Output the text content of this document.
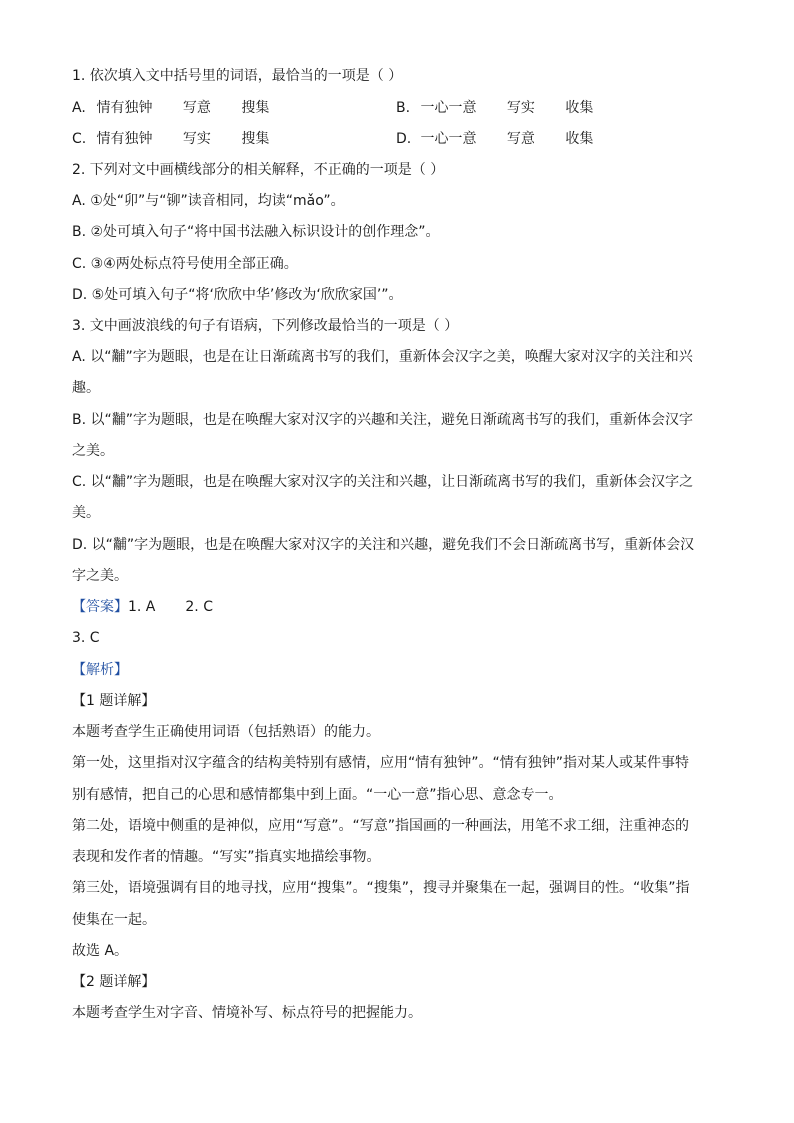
1. 依次填入文中括号里的词语，最恰当的一项是（ ）
A. 情有独钟 写意 搜集	B. 一心一意 写实 收集
C. 情有独钟 写实 搜集	D. 一心一意 写意 收集
2. 下列对文中画横线部分的相关解释，不正确的一项是（ ）
A. ①处“卯”与“铆”读音相同，均读“mǎo”。
B. ②处可填入句子“将中国书法融入标识设计的创作理念”。
C. ③④两处标点符号使用全部正确。
D. ⑤处可填入句子“将‘欣欣中华’修改为‘欣欣家国’”。
3. 文中画波浪线的句子有语病，下列修改最恰当的一项是（ ）
A. 以“黼”字为题眼，也是在让日渐疏离书写的我们，重新体会汉字之美，唤醒大家对汉字的关注和兴
趣。
B. 以“黼”字为题眼，也是在唤醒大家对汉字的兴趣和关注，避免日渐疏离书写的我们，重新体会汉字
之美。
C. 以“黼”字为题眼，也是在唤醒大家对汉字的关注和兴趣，让日渐疏离书写的我们，重新体会汉字之
美。
D. 以“黼”字为题眼，也是在唤醒大家对汉字的关注和兴趣，避免我们不会日渐疏离书写，重新体会汉
字之美。
【答案】1. A 2. C
3. C
【解析】
【1 题详解】
本题考查学生正确使用词语（包括熟语）的能力。
第一处，这里指对汉字蕴含的结构美特别有感情，应用“情有独钟”。“情有独钟”指对某人或某件事特
别有感情，把自己的心思和感情都集中到上面。“一心一意”指心思、意念专一。
第二处，语境中侧重的是神似，应用“写意”。“写意”指国画的一种画法，用笔不求工细，注重神态的
表现和发作者的情趣。“写实”指真实地描绘事物。
第三处，语境强调有目的地寻找，应用“搜集”。“搜集”，搜寻并聚集在一起，强调目的性。“收集”指
使集在一起。
故选 A。
【2 题详解】
本题考查学生对字音、情境补写、标点符号的把握能力。
